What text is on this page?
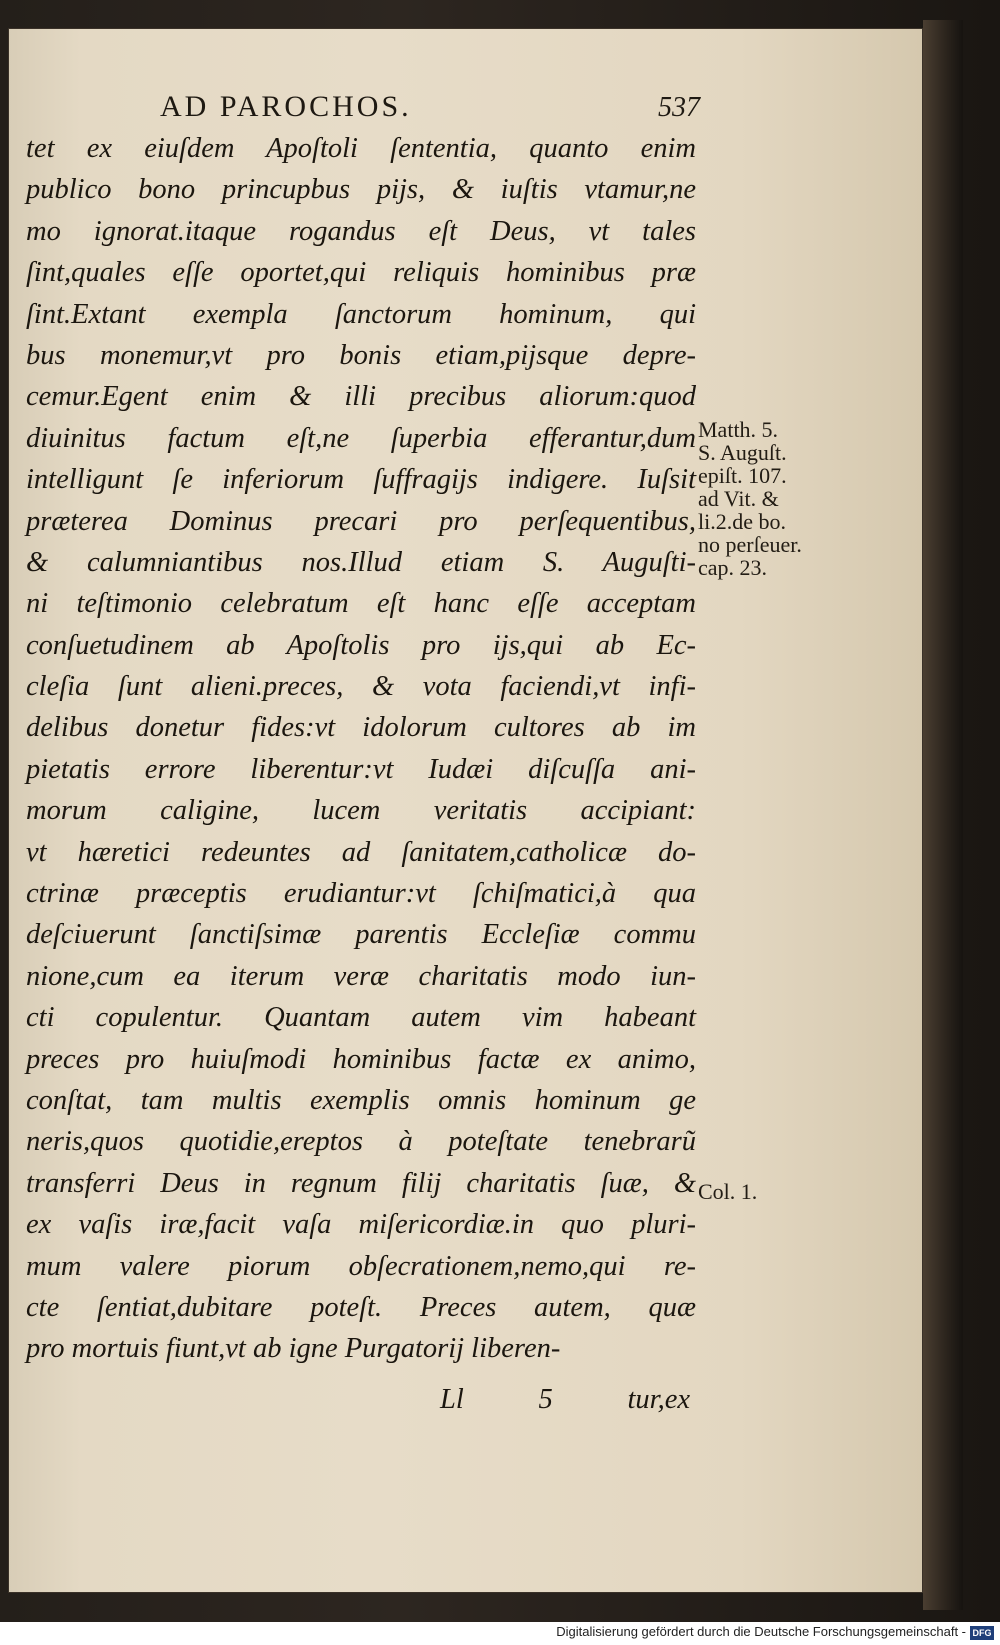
AD PAROCHOS.	537
tet ex eiuſdem Apoſtoli ſententia, quanto enim
publico bono princupbus pijs, & iuſtis vtamur,ne
mo ignorat.itaque rogandus eſt Deus, vt tales
ſint,quales eſſe oportet,qui reliquis hominibus præ
ſint.Extant exempla ſanctorum hominum, qui
bus monemur,vt pro bonis etiam,pijsque depre-
cemur.Egent enim & illi precibus aliorum:quod
diuinitus factum eſt,ne ſuperbia efferantur,dum
intelligunt ſe inferiorum ſuffragijs indigere. Iuſsit
præterea Dominus precari pro perſequentibus,
& calumniantibus nos.Illud etiam S. Auguſti-
ni teſtimonio celebratum eſt hanc eſſe acceptam
conſuetudinem ab Apoſtolis pro ijs,qui ab Ec-
cleſia ſunt alieni.preces, & vota faciendi,vt infi-
delibus donetur fides:vt idolorum cultores ab im
pietatis errore liberentur:vt Iudæi diſcuſſa ani-
morum caligine, lucem veritatis accipiant:
vt hæretici redeuntes ad ſanitatem,catholicæ do-
ctrinæ præceptis erudiantur:vt ſchiſmatici,à qua
deſciuerunt ſanctiſsimæ parentis Eccleſiæ commu
nione,cum ea iterum veræ charitatis modo iun-
cti copulentur. Quantam autem vim habeant
preces pro huiuſmodi hominibus factæ ex animo,
conſtat, tam multis exemplis omnis hominum ge
neris,quos quotidie,ereptos à poteſtate tenebrarũ
transferri Deus in regnum filij charitatis ſuæ, &
ex vaſis iræ,facit vaſa miſericordiæ.in quo pluri-
mum valere piorum obſecrationem,nemo,qui re-
cte ſentiat,dubitare poteſt. Preces autem, quæ
pro mortuis fiunt,vt ab igne Purgatorij liberen-
Ll	5	tur,ex
Matth. 5.
S. Auguſt.
epiſt. 107.
ad Vit. &
li.2.de bo.
no perſeuer.
cap. 23.
Col. 1.
Digitalisierung gefördert durch die Deutsche Forschungsgemeinschaft - DFG
